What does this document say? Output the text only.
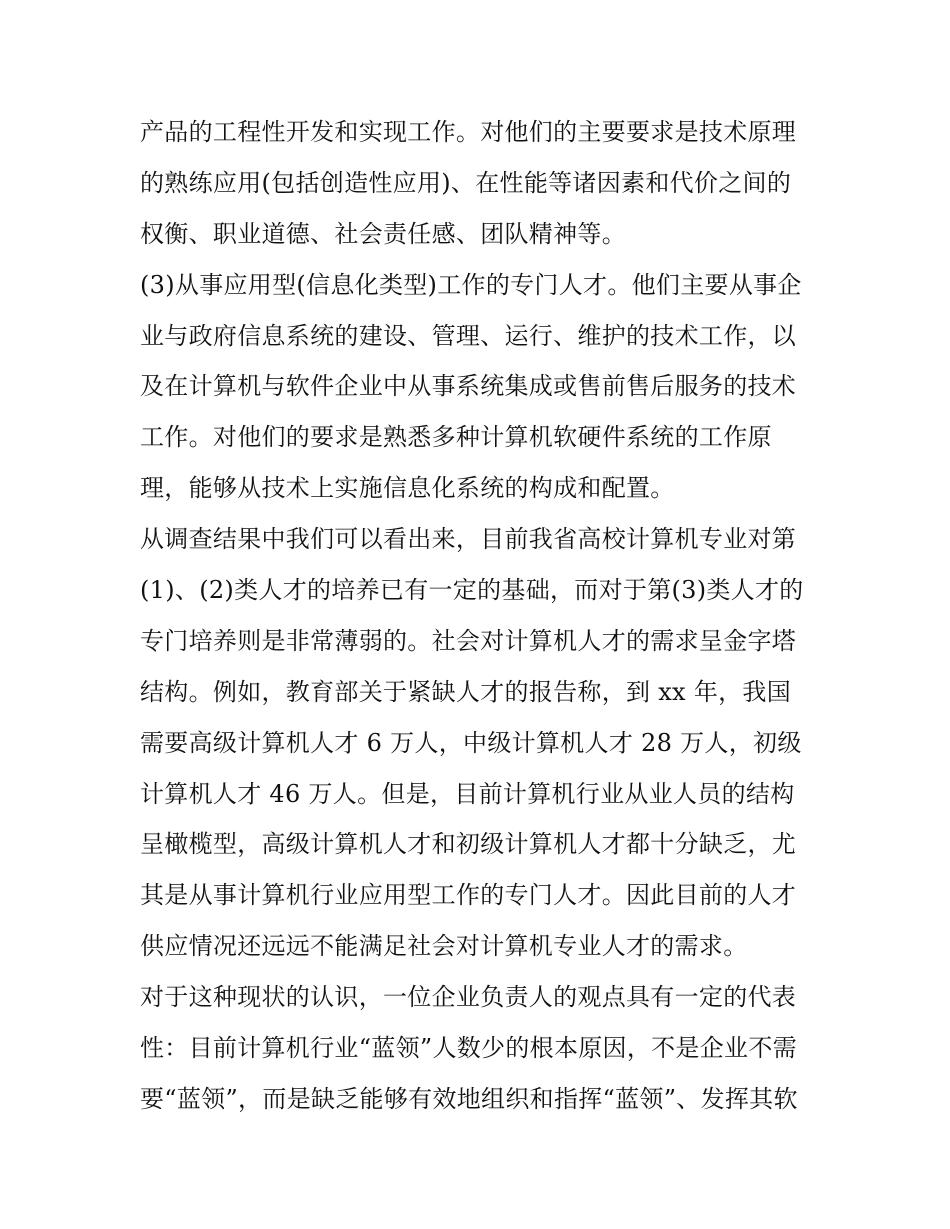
产品的工程性开发和实现工作。对他们的主要要求是技术原理
的熟练应用(包括创造性应用)、在性能等诸因素和代价之间的
权衡、职业道德、社会责任感、团队精神等。
(3)从事应用型(信息化类型)工作的专门人才。他们主要从事企
业与政府信息系统的建设、管理、运行、维护的技术工作，以
及在计算机与软件企业中从事系统集成或售前售后服务的技术
工作。对他们的要求是熟悉多种计算机软硬件系统的工作原
理，能够从技术上实施信息化系统的构成和配置。
从调查结果中我们可以看出来，目前我省高校计算机专业对第
(1)、(2)类人才的培养已有一定的基础，而对于第(3)类人才的
专门培养则是非常薄弱的。社会对计算机人才的需求呈金字塔
结构。例如，教育部关于紧缺人才的报告称，到 xx 年，我国
需要高级计算机人才 6 万人，中级计算机人才 28 万人，初级
计算机人才 46 万人。但是，目前计算机行业从业人员的结构
呈橄榄型，高级计算机人才和初级计算机人才都十分缺乏，尤
其是从事计算机行业应用型工作的专门人才。因此目前的人才
供应情况还远远不能满足社会对计算机专业人才的需求。
对于这种现状的认识，一位企业负责人的观点具有一定的代表
性：目前计算机行业“蓝领”人数少的根本原因，不是企业不需
要“蓝领”，而是缺乏能够有效地组织和指挥“蓝领”、发挥其软
